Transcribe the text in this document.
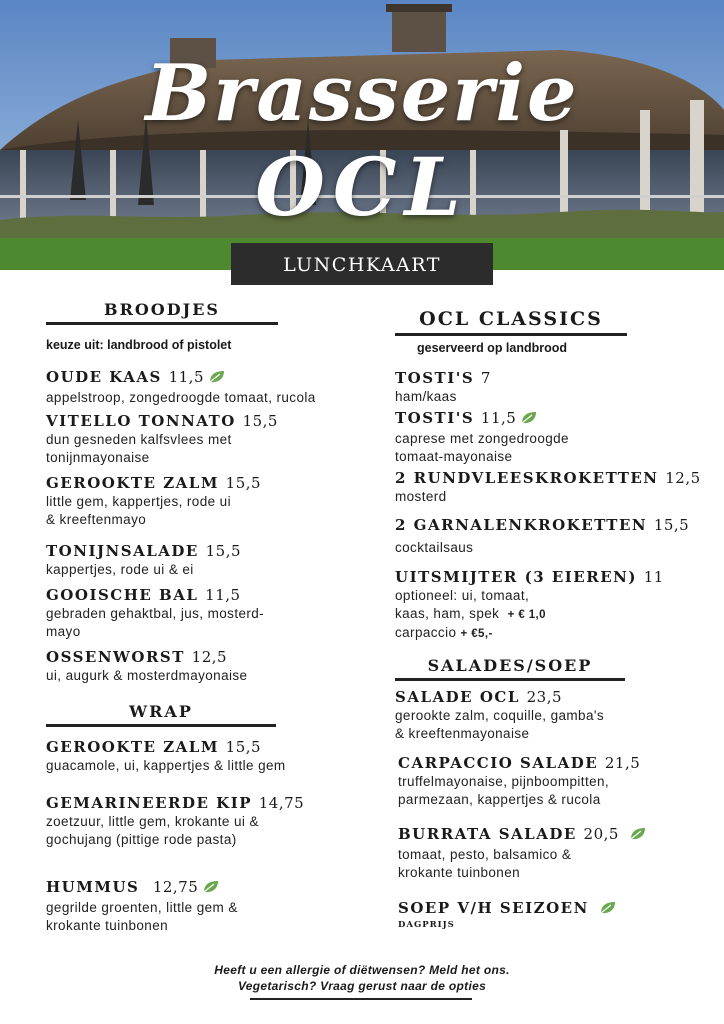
Brasserie
OCL
LUNCHKAART
BROODJES
keuze uit: landbrood of pistolet
OUDE KAAS 11,5
appelstroop, zongedroogde tomaat, rucola
VITELLO TONNATO 15,5
dun gesneden kalfsvlees met
tonijnmayonaise
GEROOKTE ZALM 15,5
little gem, kappertjes, rode ui
& kreeftenmayo
TONIJNSALADE 15,5
kappertjes, rode ui & ei
GOOISCHE BAL 11,5
gebraden gehaktbal, jus, mosterd-
mayo
OSSENWORST 12,5
ui, augurk & mosterdmayonaise
WRAP
GEROOKTE ZALM 15,5
guacamole, ui, kappertjes & little gem
GEMARINEERDE KIP 14,75
zoetzuur, little gem, krokante ui &
gochujang (pittige rode pasta)
HUMMUS 12,75
gegrilde groenten, little gem &
krokante tuinbonen
OCL CLASSICS
geserveerd op landbrood
TOSTI'S 7
ham/kaas
TOSTI'S 11,5
caprese met zongedroogde
tomaat-mayonaise
2 RUNDVLEESKROKETTEN 12,5
mosterd
2 GARNALENKROKETTEN 15,5
cocktailsaus
UITSMIJTER (3 EIEREN) 11
optioneel: ui, tomaat,
kaas, ham, spek + € 1,0
carpaccio + €5,-
SALADES/SOEP
SALADE OCL 23,5
gerookte zalm, coquille, gamba's
& kreeftenmayonaise
CARPACCIO SALADE 21,5
truffelmayonaise, pijnboompitten,
parmezaan, kappertjes & rucola
BURRATA SALADE 20,5
tomaat, pesto, balsamico &
krokante tuinbonen
SOEP V/H SEIZOEN
DAGPRIJS
Heeft u een allergie of diëtwensen? Meld het ons.
Vegetarisch? Vraag gerust naar de opties
